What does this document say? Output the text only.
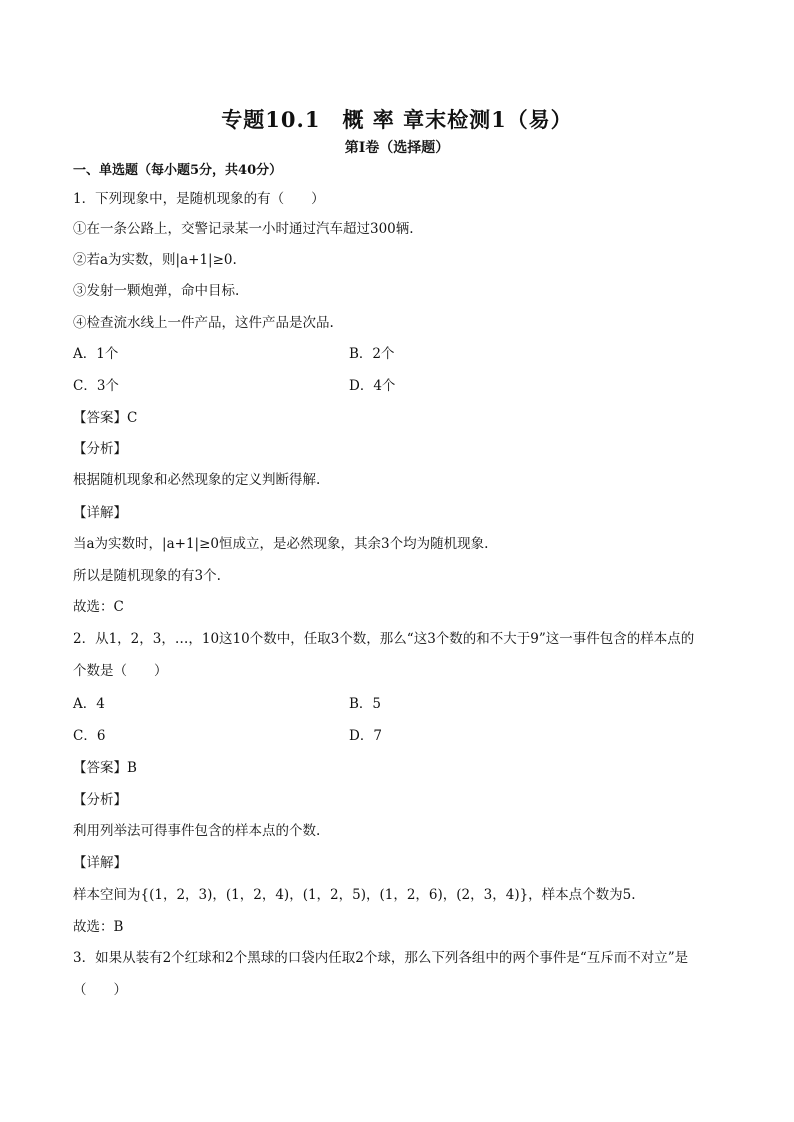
专题10.1　概 率 章末检测1（易）
第I卷（选择题）
一、单选题（每小题5分，共40分）
1．下列现象中，是随机现象的有（　　）
①在一条公路上，交警记录某一小时通过汽车超过300辆.
②若a为实数，则|a+1|≥0.
③发射一颗炮弹，命中目标.
④检查流水线上一件产品，这件产品是次品.
A．1个	B．2个
C．3个	D．4个
【答案】C
【分析】
根据随机现象和必然现象的定义判断得解.
【详解】
当a为实数时，|a+1|≥0恒成立，是必然现象，其余3个均为随机现象.
所以是随机现象的有3个.
故选：C
2．从1，2，3，…，10这10个数中，任取3个数，那么“这3个数的和不大于9”这一事件包含的样本点的
个数是（　　）
A．4	B．5
C．6	D．7
【答案】B
【分析】
利用列举法可得事件包含的样本点的个数.
【详解】
样本空间为{(1，2，3)，(1，2，4)，(1，2，5)，(1，2，6)，(2，3，4)}，样本点个数为5.
故选：B
3．如果从装有2个红球和2个黑球的口袋内任取2个球，那么下列各组中的两个事件是“互斥而不对立”是
（　　）
